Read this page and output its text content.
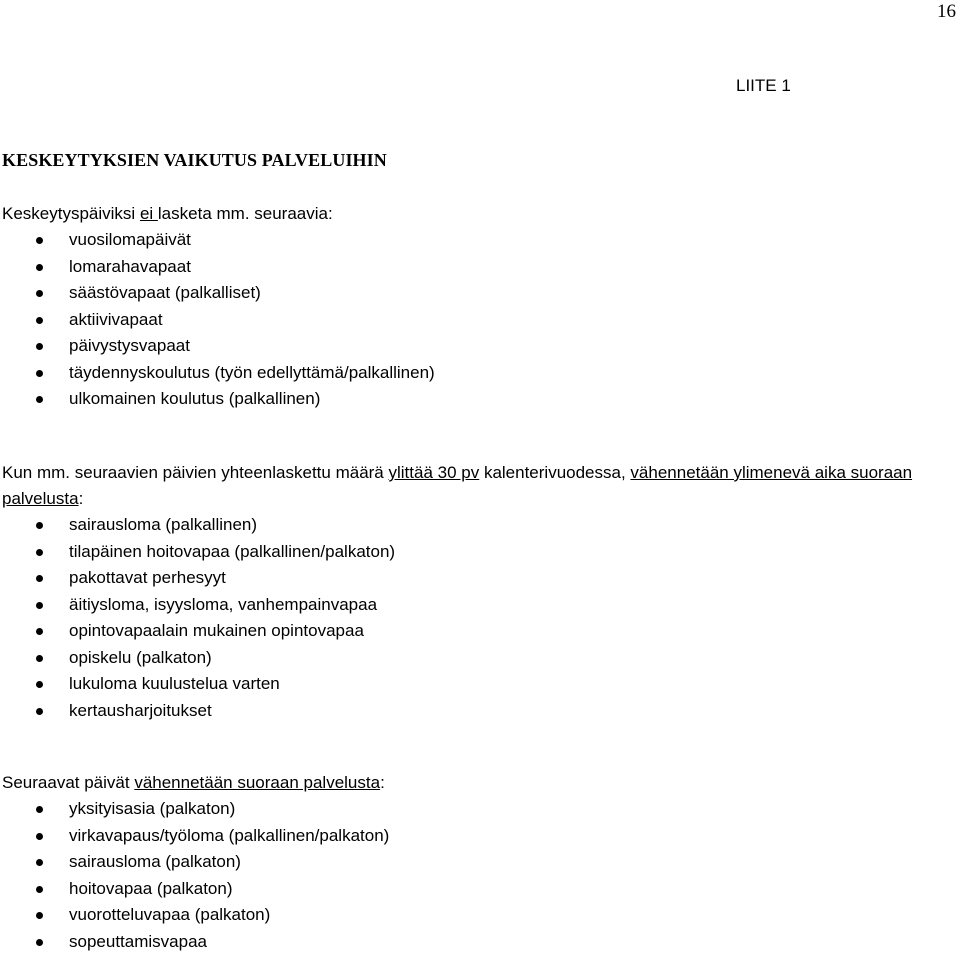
16
LIITE 1
KESKEYTYKSIEN VAIKUTUS PALVELUIHIN

Keskeytyspäiviksi ei lasketa mm. seuraavia:

vuosilomapäivät
lomarahavapaat
säästövapaat (palkalliset)
aktiivivapaat
päivystysvapaat
täydennyskoulutus (työn edellyttämä/palkallinen)
ulkomainen koulutus (palkallinen)

Kun mm. seuraavien päivien yhteenlaskettu määrä ylittää 30 pv kalenterivuodessa, vähennetään ylimenevä aika suoraan palvelusta:

sairausloma (palkallinen)
tilapäinen hoitovapaa (palkallinen/palkaton)
pakottavat perhesyyt
äitiysloma, isyysloma, vanhempainvapaa
opintovapaalain mukainen opintovapaa
opiskelu (palkaton)
lukuloma kuulustelua varten
kertausharjoitukset

Seuraavat päivät vähennetään suoraan palvelusta:

yksityisasia (palkaton)
virkavapaus/työloma (palkallinen/palkaton)
sairausloma (palkaton)
hoitovapaa (palkaton)
vuorotteluvapaa (palkaton)
sopeuttamisvapaa
